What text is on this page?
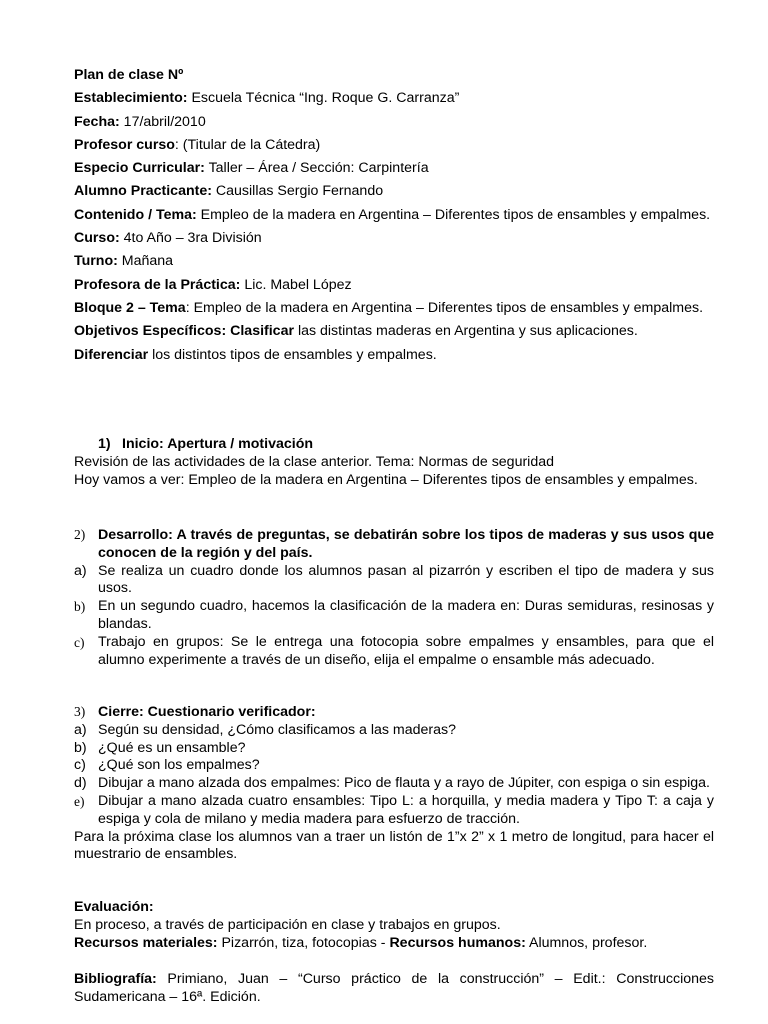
Plan de clase Nº

Establecimiento: Escuela Técnica “Ing. Roque G. Carranza”

Fecha: 17/abril/2010

Profesor curso: (Titular de la Cátedra)

Especio Curricular: Taller – Área / Sección: Carpintería

Alumno Practicante: Causillas Sergio Fernando

Contenido / Tema: Empleo de la madera en Argentina – Diferentes tipos de ensambles y empalmes.

Curso: 4to Año – 3ra División

Turno: Mañana

Profesora de la Práctica: Lic. Mabel López

Bloque 2 – Tema: Empleo de la madera en Argentina – Diferentes tipos de ensambles y empalmes.

Objetivos Específicos: Clasificar las distintas maderas en Argentina y sus aplicaciones.

Diferenciar los distintos tipos de ensambles y empalmes.

1) Inicio: Apertura / motivación

Revisión de las actividades de la clase anterior. Tema: Normas de seguridad

Hoy vamos a ver: Empleo de la madera en Argentina – Diferentes tipos de ensambles y empalmes.

2) Desarrollo: A través de preguntas, se debatirán sobre los tipos de maderas y sus usos que conocen de la región y del país.

a) Se realiza un cuadro donde los alumnos pasan al pizarrón y escriben el tipo de madera y sus usos.
b) En un segundo cuadro, hacemos la clasificación de la madera en: Duras semiduras, resinosas y blandas.
c) Trabajo en grupos: Se le entrega una fotocopia sobre empalmes y ensambles, para que el alumno experimente a través de un diseño, elija el empalme o ensamble más adecuado.

3) Cierre: Cuestionario verificador:

a) Según su densidad, ¿Cómo clasificamos a las maderas?
b) ¿Qué es un ensamble?
c) ¿Qué son los empalmes?
d) Dibujar a mano alzada dos empalmes: Pico de flauta y a rayo de Júpiter, con espiga o sin espiga.
e) Dibujar a mano alzada cuatro ensambles: Tipo L: a horquilla, y media madera y Tipo T: a caja y espiga y cola de milano y media madera para esfuerzo de tracción.

Para la próxima clase los alumnos van a traer un listón de 1”x 2” x 1 metro de longitud, para hacer el muestrario de ensambles.

Evaluación:

En proceso, a través de participación en clase y trabajos en grupos.

Recursos materiales: Pizarrón, tiza, fotocopias - Recursos humanos: Alumnos, profesor.

Bibliografía: Primiano, Juan – “Curso práctico de la construcción” – Edit.: Construcciones Sudamericana – 16ª. Edición.
